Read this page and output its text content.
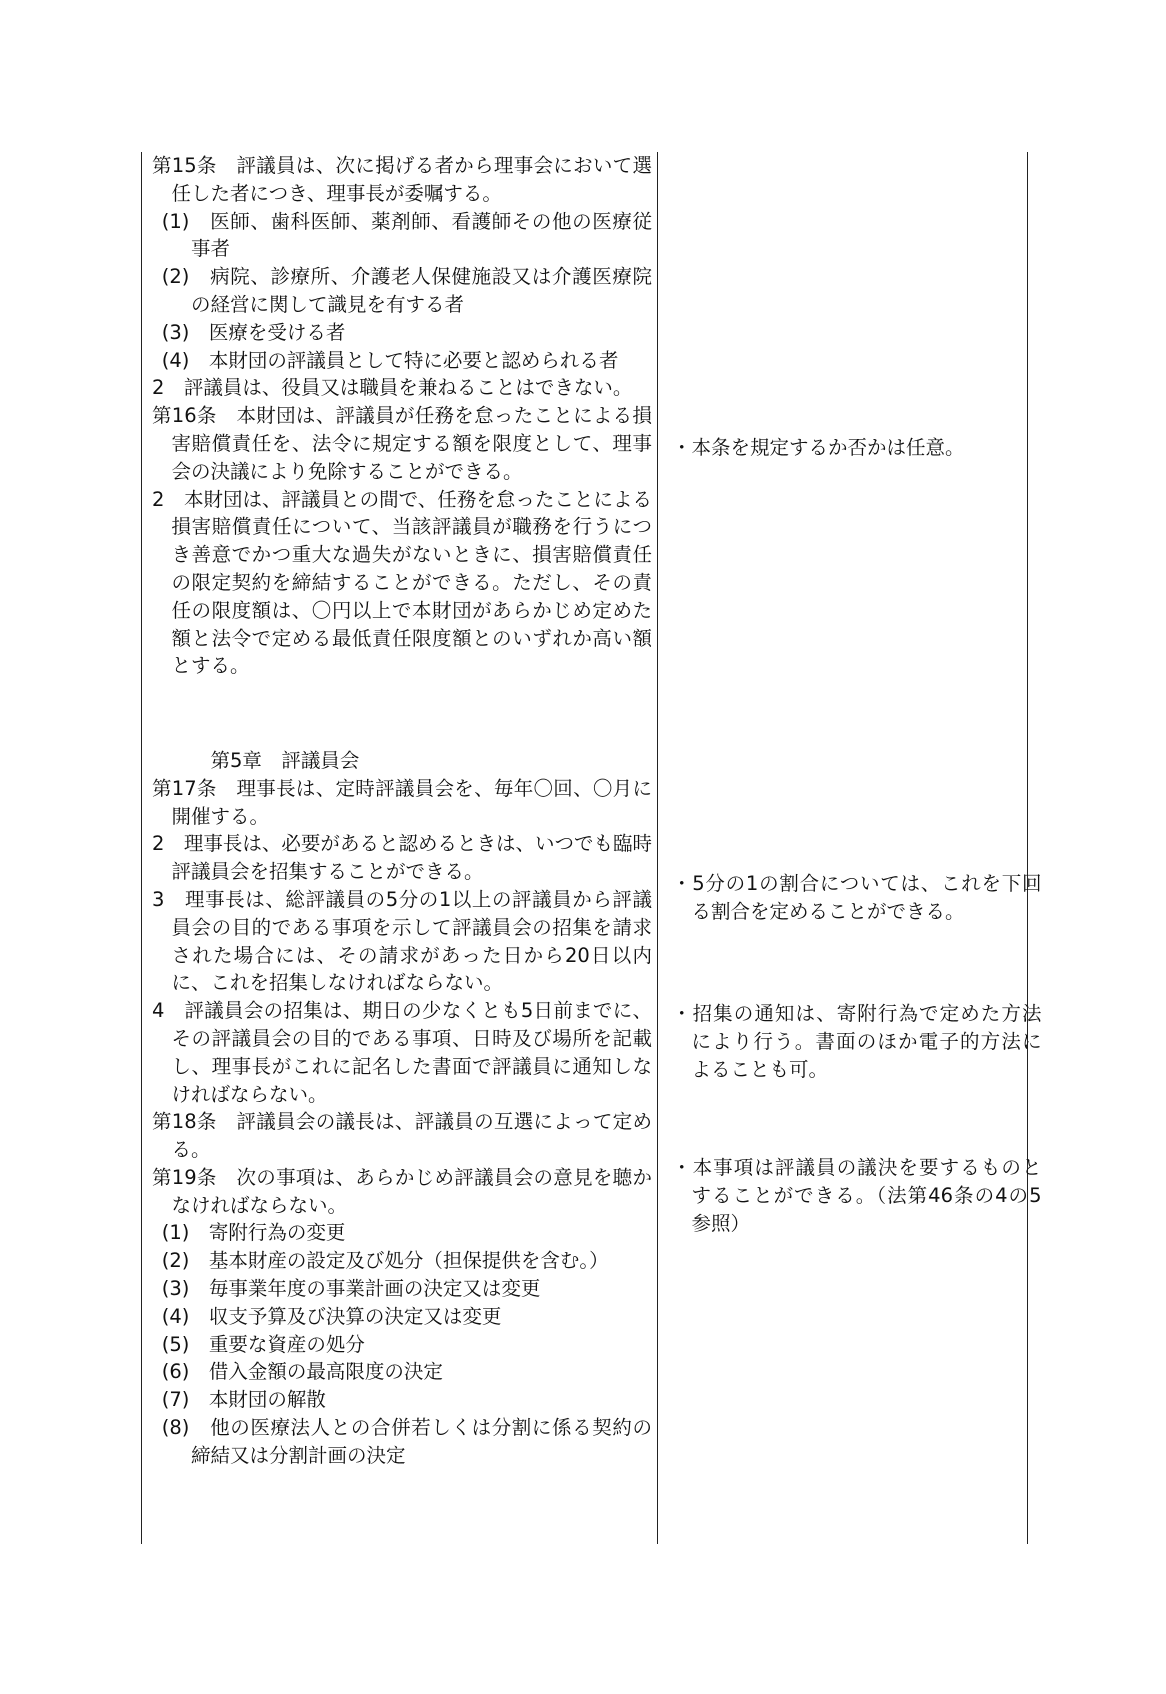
第15条　評議員は、次に掲げる者から理事会において選任した者につき、理事長が委嘱する。

(1)　医師、歯科医師、薬剤師、看護師その他の医療従事者

(2)　病院、診療所、介護老人保健施設又は介護医療院の経営に関して識見を有する者

(3)　医療を受ける者

(4)　本財団の評議員として特に必要と認められる者

2　評議員は、役員又は職員を兼ねることはできない。

第16条　本財団は、評議員が任務を怠ったことによる損害賠償責任を、法令に規定する額を限度として、理事会の決議により免除することができる。

2　本財団は、評議員との間で、任務を怠ったことによる損害賠償責任について、当該評議員が職務を行うにつき善意でかつ重大な過失がないときに、損害賠償責任の限定契約を締結することができる。ただし、その責任の限度額は、〇円以上で本財団があらかじめ定めた額と法令で定める最低責任限度額とのいずれか高い額とする。

第5章　評議員会

第17条　理事長は、定時評議員会を、毎年〇回、〇月に開催する。

2　理事長は、必要があると認めるときは、いつでも臨時評議員会を招集することができる。

3　理事長は、総評議員の5分の1以上の評議員から評議員会の目的である事項を示して評議員会の招集を請求された場合には、その請求があった日から20日以内に、これを招集しなければならない。

4　評議員会の招集は、期日の少なくとも5日前までに、その評議員会の目的である事項、日時及び場所を記載し、理事長がこれに記名した書面で評議員に通知しなければならない。

第18条　評議員会の議長は、評議員の互選によって定める。

第19条　次の事項は、あらかじめ評議員会の意見を聴かなければならない。

(1)　寄附行為の変更

(2)　基本財産の設定及び処分（担保提供を含む。）

(3)　毎事業年度の事業計画の決定又は変更

(4)　収支予算及び決算の決定又は変更

(5)　重要な資産の処分

(6)　借入金額の最高限度の決定

(7)　本財団の解散

(8)　他の医療法人との合併若しくは分割に係る契約の締結又は分割計画の決定

・本条を規定するか否かは任意。

・5分の1の割合については、これを下回る割合を定めることができる。

・招集の通知は、寄附行為で定めた方法により行う。書面のほか電子的方法によることも可。

・本事項は評議員の議決を要するものとすることができる。（法第46条の4の5参照）
